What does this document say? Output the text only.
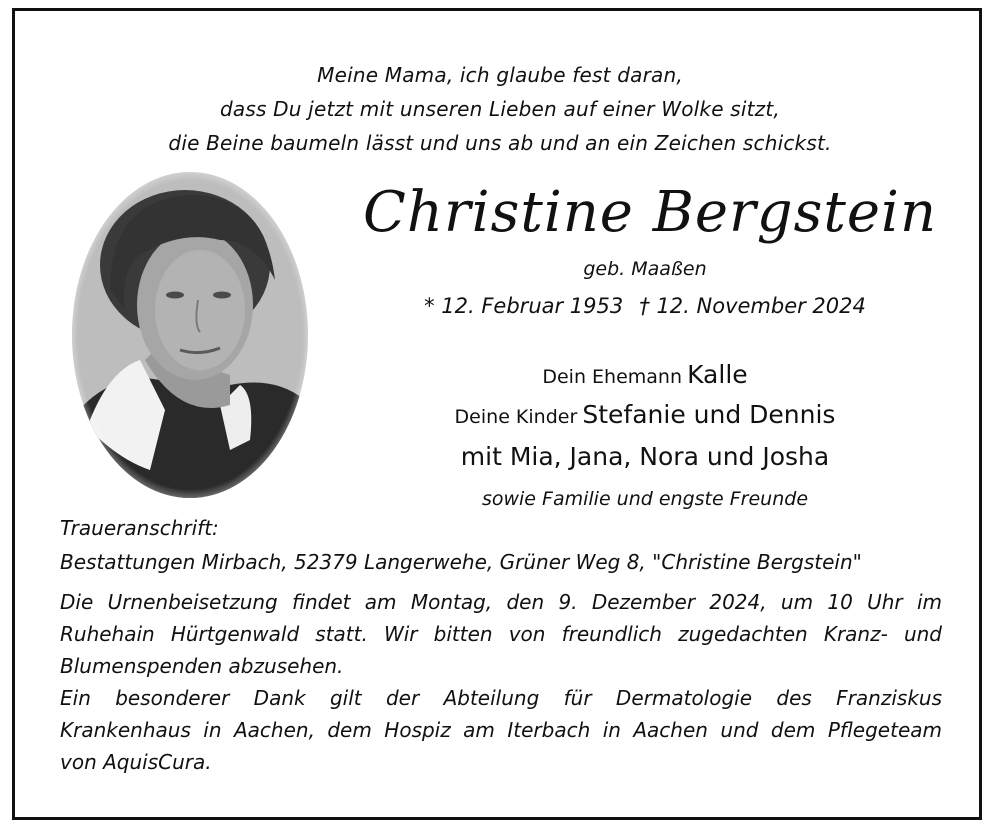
Meine Mama, ich glaube fest daran,
dass Du jetzt mit unseren Lieben auf einer Wolke sitzt,
die Beine baumeln lässt und uns ab und an ein Zeichen schickst.
Christine Bergstein
geb. Maaßen
* 12. Februar 1953 † 12. November 2024
Dein Ehemann Kalle
Deine Kinder Stefanie und Dennis
mit Mia, Jana, Nora und Josha
sowie Familie und engste Freunde
Traueranschrift:
Bestattungen Mirbach, 52379 Langerwehe, Grüner Weg 8, "Christine Bergstein"
Die Urnenbeisetzung findet am Montag, den 9. Dezember 2024, um 10 Uhr im
Ruhehain Hürtgenwald statt. Wir bitten von freundlich zugedachten Kranz- und
Blumenspenden abzusehen.
Ein besonderer Dank gilt der Abteilung für Dermatologie des Franziskus
Krankenhaus in Aachen, dem Hospiz am Iterbach in Aachen und dem Pflegeteam
von AquisCura.
